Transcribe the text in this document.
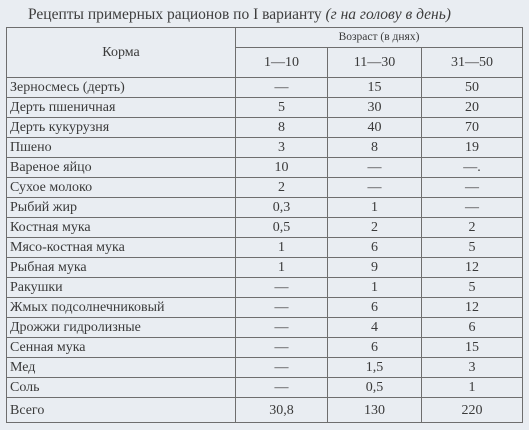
Рецепты примерных рационов по I варианту (г на голову в день)
Корма	Возраст (в днях)		
	1—10	11—30	31—50
Зерносмесь (дерть)	—	15	50
Дерть пшеничная	5	30	20
Дерть кукурузня	8	40	70
Пшено	3	8	19
Вареное яйцо	10	—	—.
Сухое молоко	2	—	—
Рыбий жир	0,3	1	—
Костная мука	0,5	2	2
Мясо-костная мука	1	6	5
Рыбная мука	1	9	12
Ракушки	—	1	5
Жмых подсолнечниковый	—	6	12
Дрожжи гидролизные	—	4	6
Сенная мука	—	6	15
Мед	—	1,5	3
Соль	—	0,5	1
Всего	30,8	130	220
